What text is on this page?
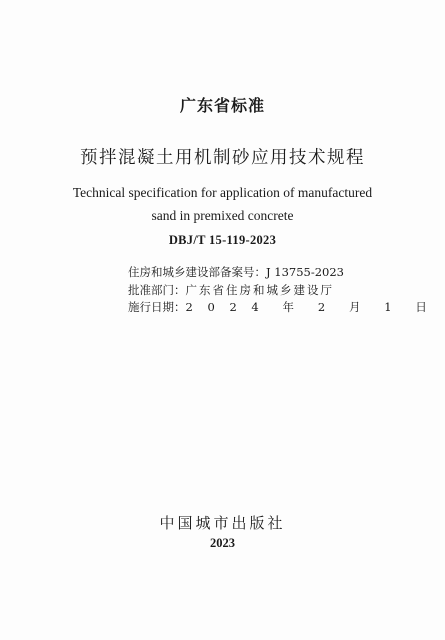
广东省标准
预拌混凝土用机制砂应用技术规程
Technical specification for application of manufactured
sand in premixed concrete
DBJ/T 15-119-2023
住房和城乡建设部备案号：J 13755-2023
批准部门：广东省住房和城乡建设厅
施行日期：2 0 2 4  年  2  月  1  日
中国城市出版社
2023
